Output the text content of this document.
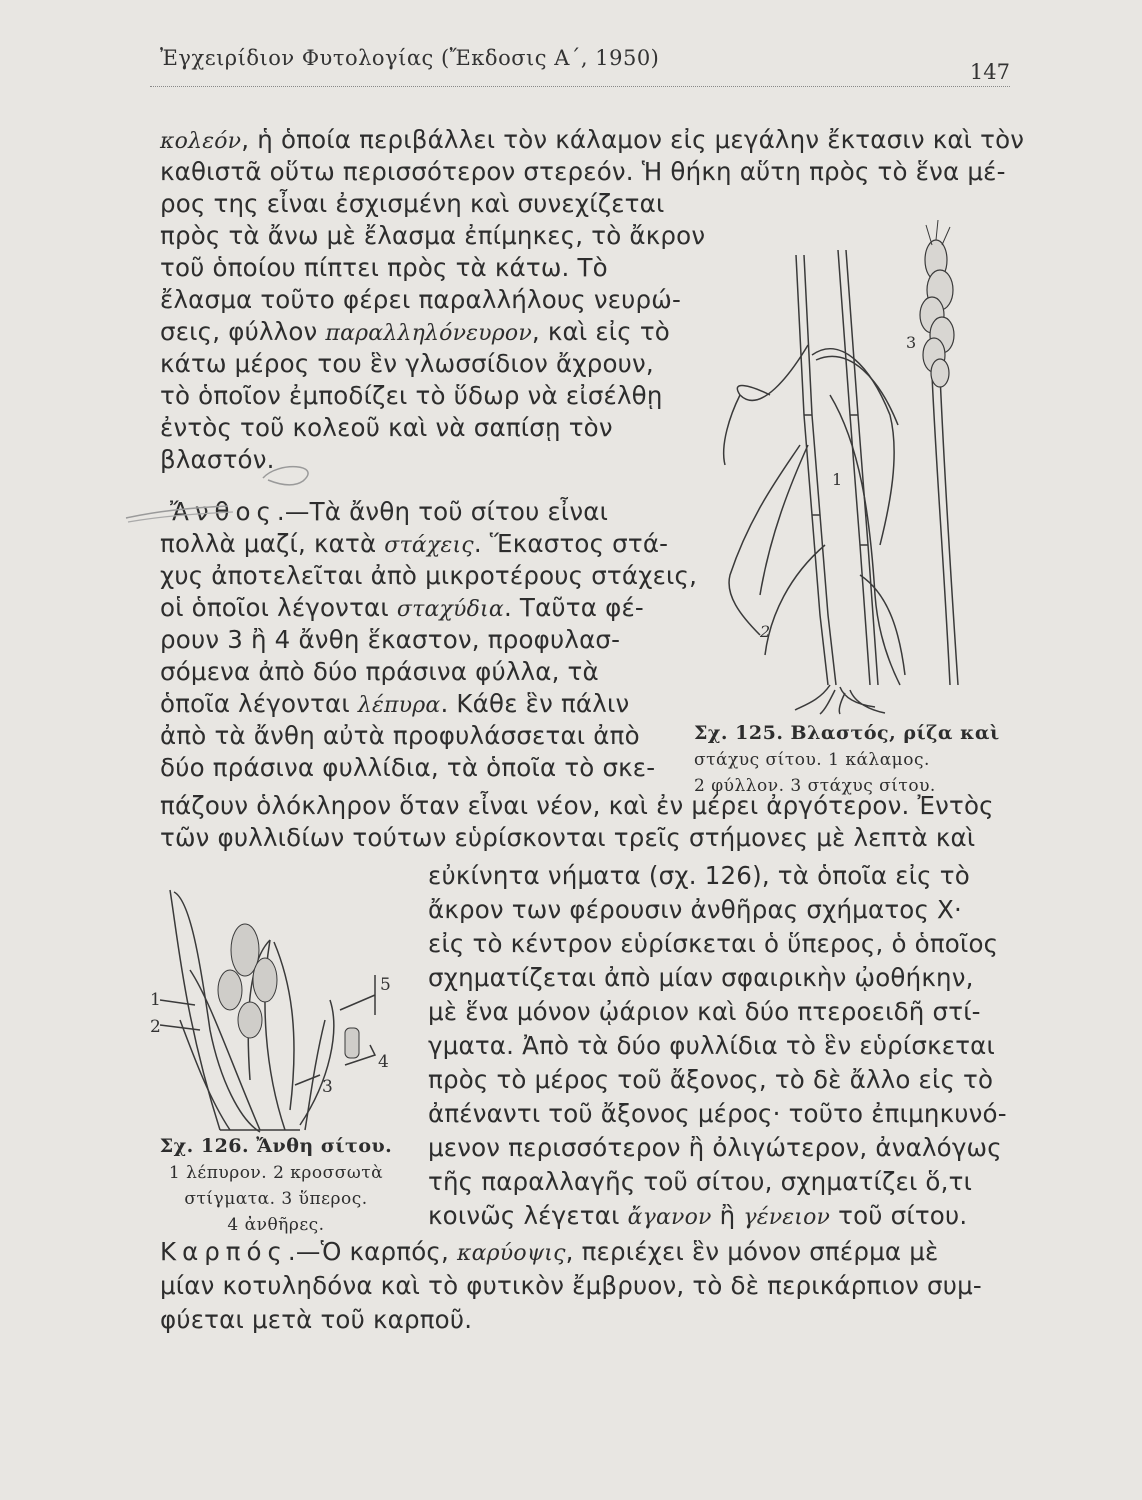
Ἐγχειρίδιον Φυτολογίας (Ἔκδοσις Α΄, 1950)
147
κολεόν, ἡ ὁποία περιβάλλει τὸν κάλαμον εἰς μεγάλην ἔκτασιν καὶ τὸν
καθιστᾶ οὕτω περισσότερον στερεόν. Ἡ θήκη αὕτη πρὸς τὸ ἕνα μέ-
ρος της εἶναι ἐσχισμένη καὶ συνεχίζεται
πρὸς τὰ ἄνω μὲ ἔλασμα ἐπίμηκες, τὸ ἄκρον
τοῦ ὁποίου πίπτει πρὸς τὰ κάτω. Τὸ
ἔλασμα τοῦτο φέρει παραλλήλους νευρώ-
σεις, φύλλον παραλληλόνευρον, καὶ εἰς τὸ
κάτω μέρος του ἓν γλωσσίδιον ἄχρουν,
τὸ ὁποῖον ἐμποδίζει τὸ ὕδωρ νὰ εἰσέλθῃ
ἐντὸς τοῦ κολεοῦ καὶ νὰ σαπίσῃ τὸν
βλαστόν.
Ἄνθος.—Τὰ ἄνθη τοῦ σίτου εἶναι
πολλὰ μαζί, κατὰ στάχεις. Ἕκαστος στά-
χυς ἀποτελεῖται ἀπὸ μικροτέρους στάχεις,
οἱ ὁποῖοι λέγονται σταχύδια. Ταῦτα φέ-
ρουν 3 ἢ 4 ἄνθη ἕκαστον, προφυλασ-
σόμενα ἀπὸ δύο πράσινα φύλλα, τὰ
ὁποῖα λέγονται λέπυρα. Κάθε ἓν πάλιν
ἀπὸ τὰ ἄνθη αὐτὰ προφυλάσσεται ἀπὸ
δύο πράσινα φυλλίδια, τὰ ὁποῖα τὸ σκε-
πάζουν ὁλόκληρον ὅταν εἶναι νέον, καὶ ἐν μέρει ἀργότερον. Ἐντὸς
τῶν φυλλιδίων τούτων εὑρίσκονται τρεῖς στήμονες μὲ λεπτὰ καὶ
εὐκίνητα νήματα (σχ. 126), τὰ ὁποῖα εἰς τὸ
ἄκρον των φέρουσιν ἀνθῆρας σχήματος Χ·
εἰς τὸ κέντρον εὑρίσκεται ὁ ὕπερος, ὁ ὁποῖος
σχηματίζεται ἀπὸ μίαν σφαιρικὴν ᾠοθήκην,
μὲ ἕνα μόνον ᾠάριον καὶ δύο πτεροειδῆ στί-
γματα. Ἀπὸ τὰ δύο φυλλίδια τὸ ἓν εὑρίσκεται
πρὸς τὸ μέρος τοῦ ἄξονος, τὸ δὲ ἄλλο εἰς τὸ
ἀπέναντι τοῦ ἄξονος μέρος· τοῦτο ἐπιμηκυνό-
μενον περισσότερον ἢ ὀλιγώτερον, ἀναλόγως
τῆς παραλλαγῆς τοῦ σίτου, σχηματίζει ὅ,τι
κοινῶς λέγεται ἄγανον ἢ γένειον τοῦ σίτου.
Καρπός.—Ὁ καρπός, καρύοψις, περιέχει ἓν μόνον σπέρμα μὲ
μίαν κοτυληδόνα καὶ τὸ φυτικὸν ἔμβρυον, τὸ δὲ περικάρπιον συμ-
φύεται μετὰ τοῦ καρποῦ.
3
1
2
Σχ. 125. Βλαστός, ρίζα καὶ
στάχυς σίτου. 1 κάλαμος.
2 φύλλον. 3 στάχυς σίτου.
5
4
3
1
2
Σχ. 126. Ἄνθη σίτου.
1 λέπυρον. 2 κροσσωτὰ
στίγματα. 3 ὕπερος.
4 ἀνθῆρες.
